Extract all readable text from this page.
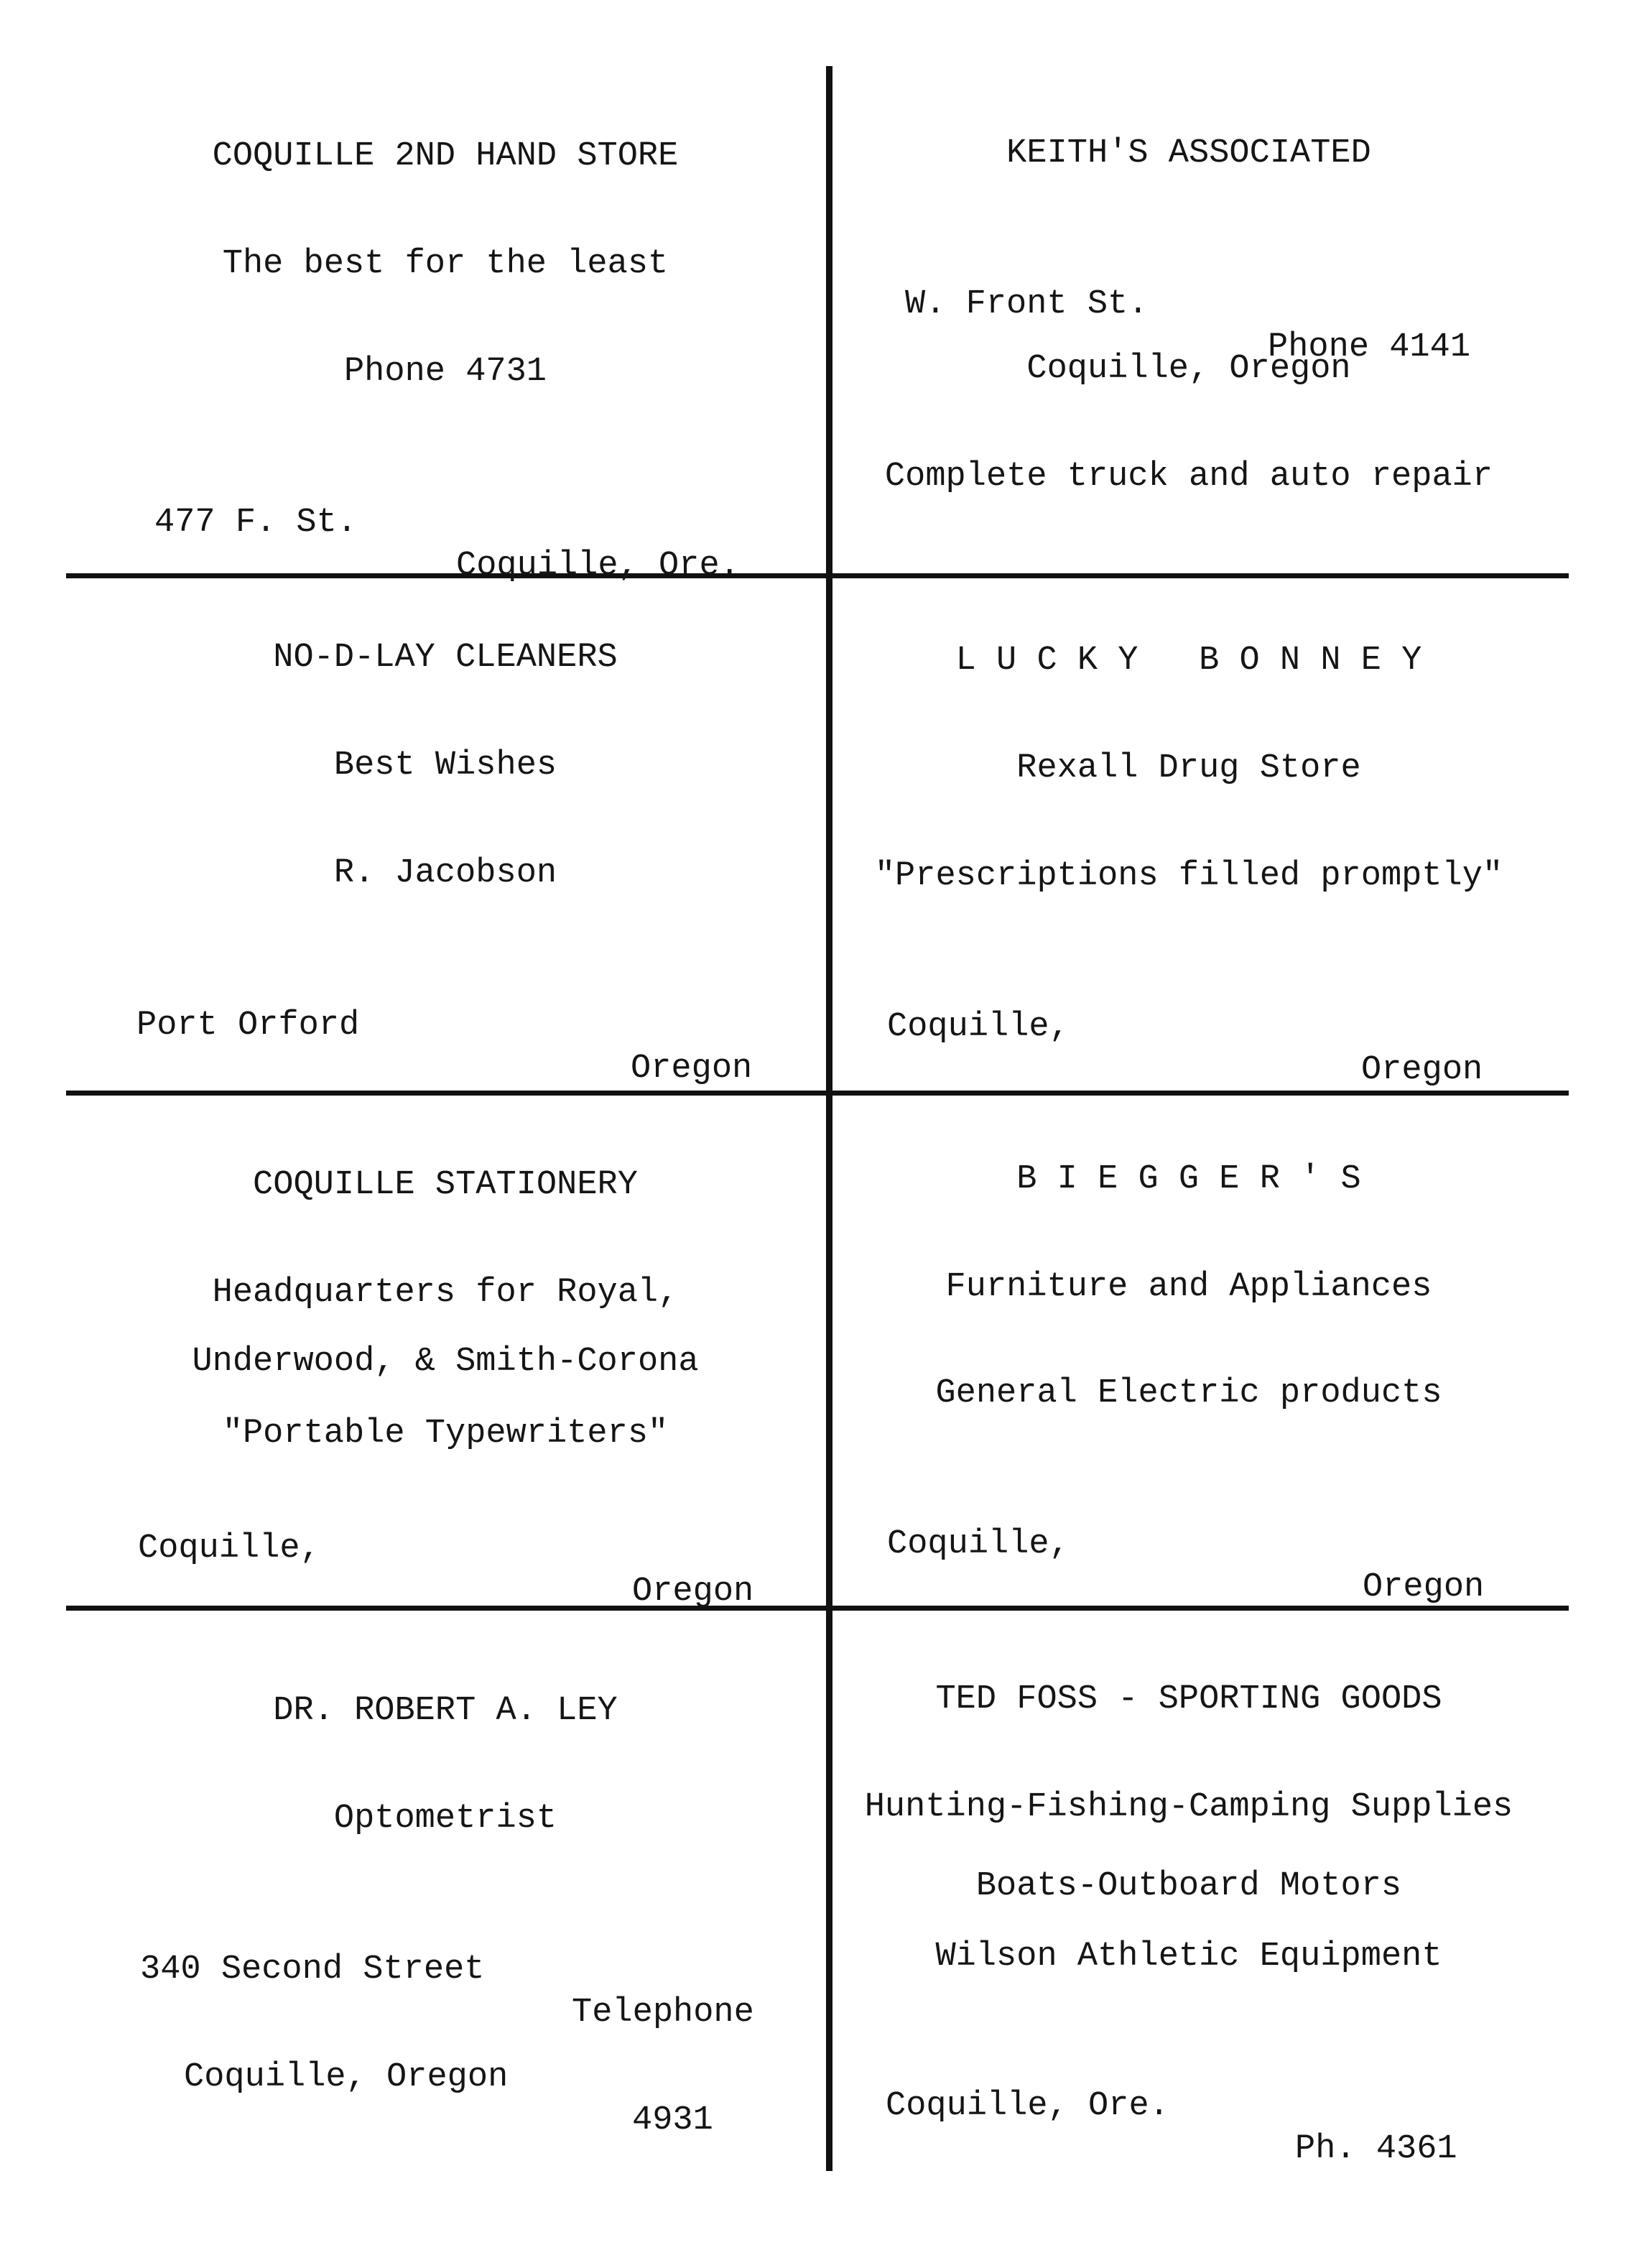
COQUILLE 2ND HAND STORE
The best for the least
Phone 4731

477 F. St.

Coquille, Ore.

KEITH'S ASSOCIATED

W. Front St.

Phone 4141

Coquille, Oregon
Complete truck and auto repair
NO-D-LAY CLEANERS
Best Wishes
R. Jacobson

Port Orford

Oregon

L U C K Y   B O N N E Y
Rexall Drug Store
"Prescriptions filled promptly"

Coquille,

Oregon

COQUILLE STATIONERY
Headquarters for Royal,
Underwood, & Smith-Corona
"Portable Typewriters"

Coquille,

Oregon

B I E G G E R ' S
Furniture and Appliances
General Electric products

Coquille,

Oregon

DR. ROBERT A. LEY
Optometrist

340 Second Street

Telephone

Coquille, Oregon

4931

TED FOSS - SPORTING GOODS
Hunting-Fishing-Camping Supplies
Boats-Outboard Motors
Wilson Athletic Equipment

Coquille, Ore.

Ph. 4361
